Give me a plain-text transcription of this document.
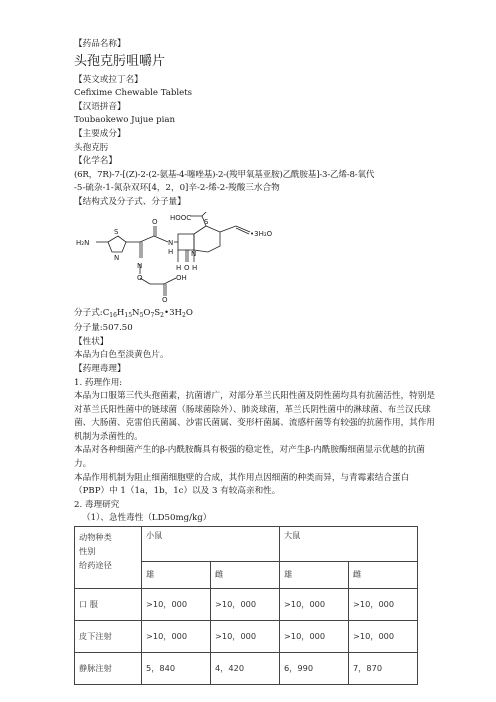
【药品名称】
头孢克肟咀嚼片
【英文或拉丁名】
Cefixime Chewable Tablets
【汉语拼音】
Toubaokewo Jujue pian
【主要成分】
头孢克肟
【化学名】
(6R，7R)-7-[(Z)-2-(2-氨基-4-噻唑基)-2-(羧甲氧基亚胺)乙酰胺基]-3-乙烯-8-氧代
-5-硫杂-1-氮杂双环[4，2，0]辛-2-烯-2-羧酸三水合物
【结构式及分子式、分子量】
HOOC
H₂N
S
N
N
O
O
N
H
O
OH
N
O
H H
S
•3H₂O
分子式$:C_{16}H_{15}N_5O_7S_2•3H_2O$
分子量:507.50
【性状】
本品为白色至淡黄色片。
【药理毒理】
1. 药理作用:
本品为口服第三代头孢菌素，抗菌谱广，对部分革兰氏阳性菌及阴性菌均具有抗菌活性，特别是对革兰氏阳性菌中的链球菌（肠球菌除外）、肺炎球菌，革兰氏阴性菌中的淋球菌、布兰汉氏球菌、大肠菌、克雷伯氏菌属、沙雷氏菌属、变形杆菌属、流感杆菌等有较强的抗菌作用，其作用机制为杀菌性的。
本品对各种细菌产生的β-内酰胺酶具有极强的稳定性，对产生β-内酰胺酶细菌显示优越的抗菌力。
本品作用机制为阻止细菌细胞壁的合成，其作用点因细菌的种类而异，与青霉素结合蛋白（PBP）中 1（1a，1b，1c）以及 3 有较高亲和性。
2. 毒理研究
（1）、急性毒性（LD50mg/kg）
动物种类
性别
给药途径	小鼠		大鼠	
	雄	雌	雄	雌
口 服	>10，000	>10，000	>10，000	>10，000
皮下注射	>10，000	>10，000	>10，000	>10，000
静脉注射	5，840	4，420	6，990	7，870
